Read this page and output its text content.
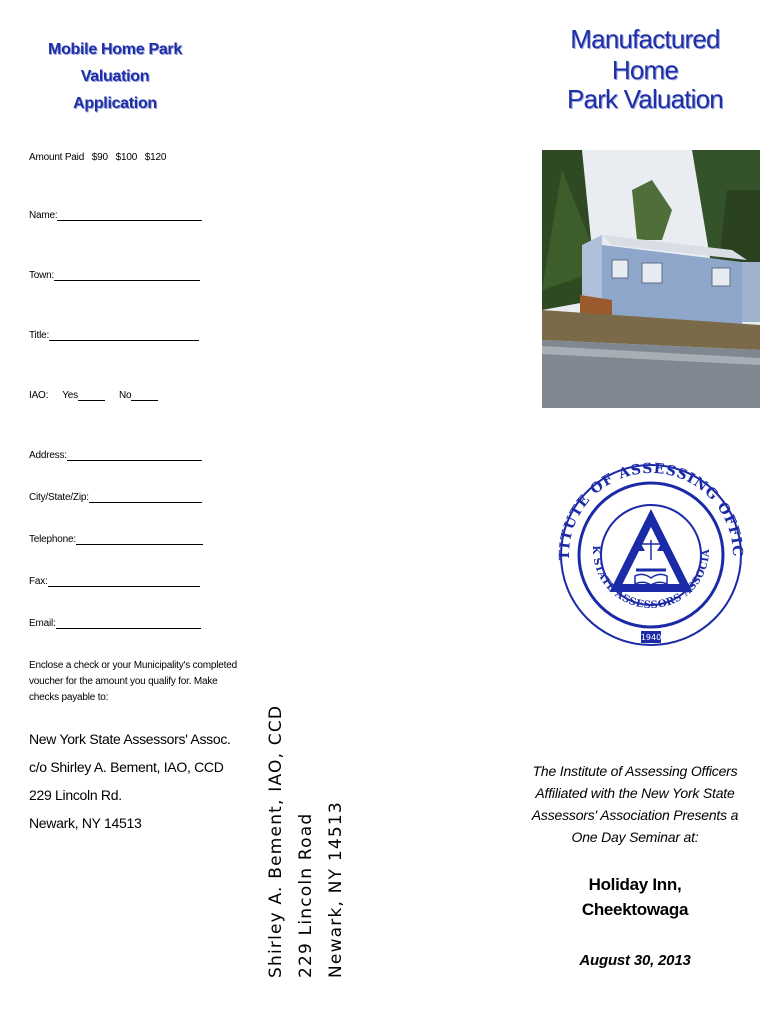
Mobile Home Park
Valuation
Application
Amount Paid   $90   $100   $120
Name:
Town:
Title:
IAO: Yes	No
Address:
City/State/Zip:
Telephone:
Fax:
Email:
Enclose a check or your Municipality's completed
voucher for the amount you qualify for. Make
checks payable to:
New York State Assessors' Assoc.
c/o Shirley A. Bement, IAO, CCD
229 Lincoln Rd.
Newark, NY 14513	Shirley A. Bement, IAO, CCD 229 Lincoln Road Newark, NY 14513
Manufactured Home
Park Valuation
TITUTE OF ASSESSING OFFIC
K STATE ASSESSORS ASSOCIA
1940
The Institute of Assessing Officers
Affiliated with the New York State
Assessors' Association Presents a
One Day Seminar at:
Holiday Inn,
Cheektowaga
August 30, 2013
